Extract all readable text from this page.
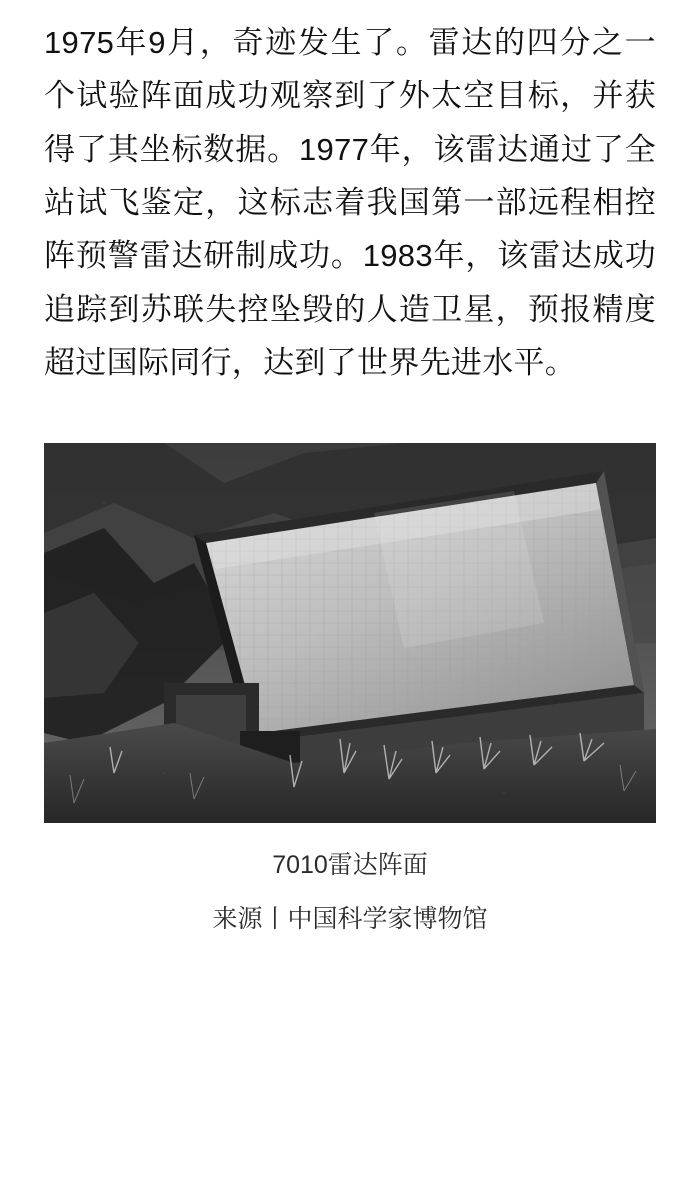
1975年9月，奇迹发生了。雷达的四分之一个试验阵面成功观察到了外太空目标，并获得了其坐标数据。1977年，该雷达通过了全站试飞鉴定，这标志着我国第一部远程相控阵预警雷达研制成功。1983年，该雷达成功追踪到苏联失控坠毁的人造卫星，预报精度超过国际同行，达到了世界先进水平。
7010雷达阵面
来源丨中国科学家博物馆
